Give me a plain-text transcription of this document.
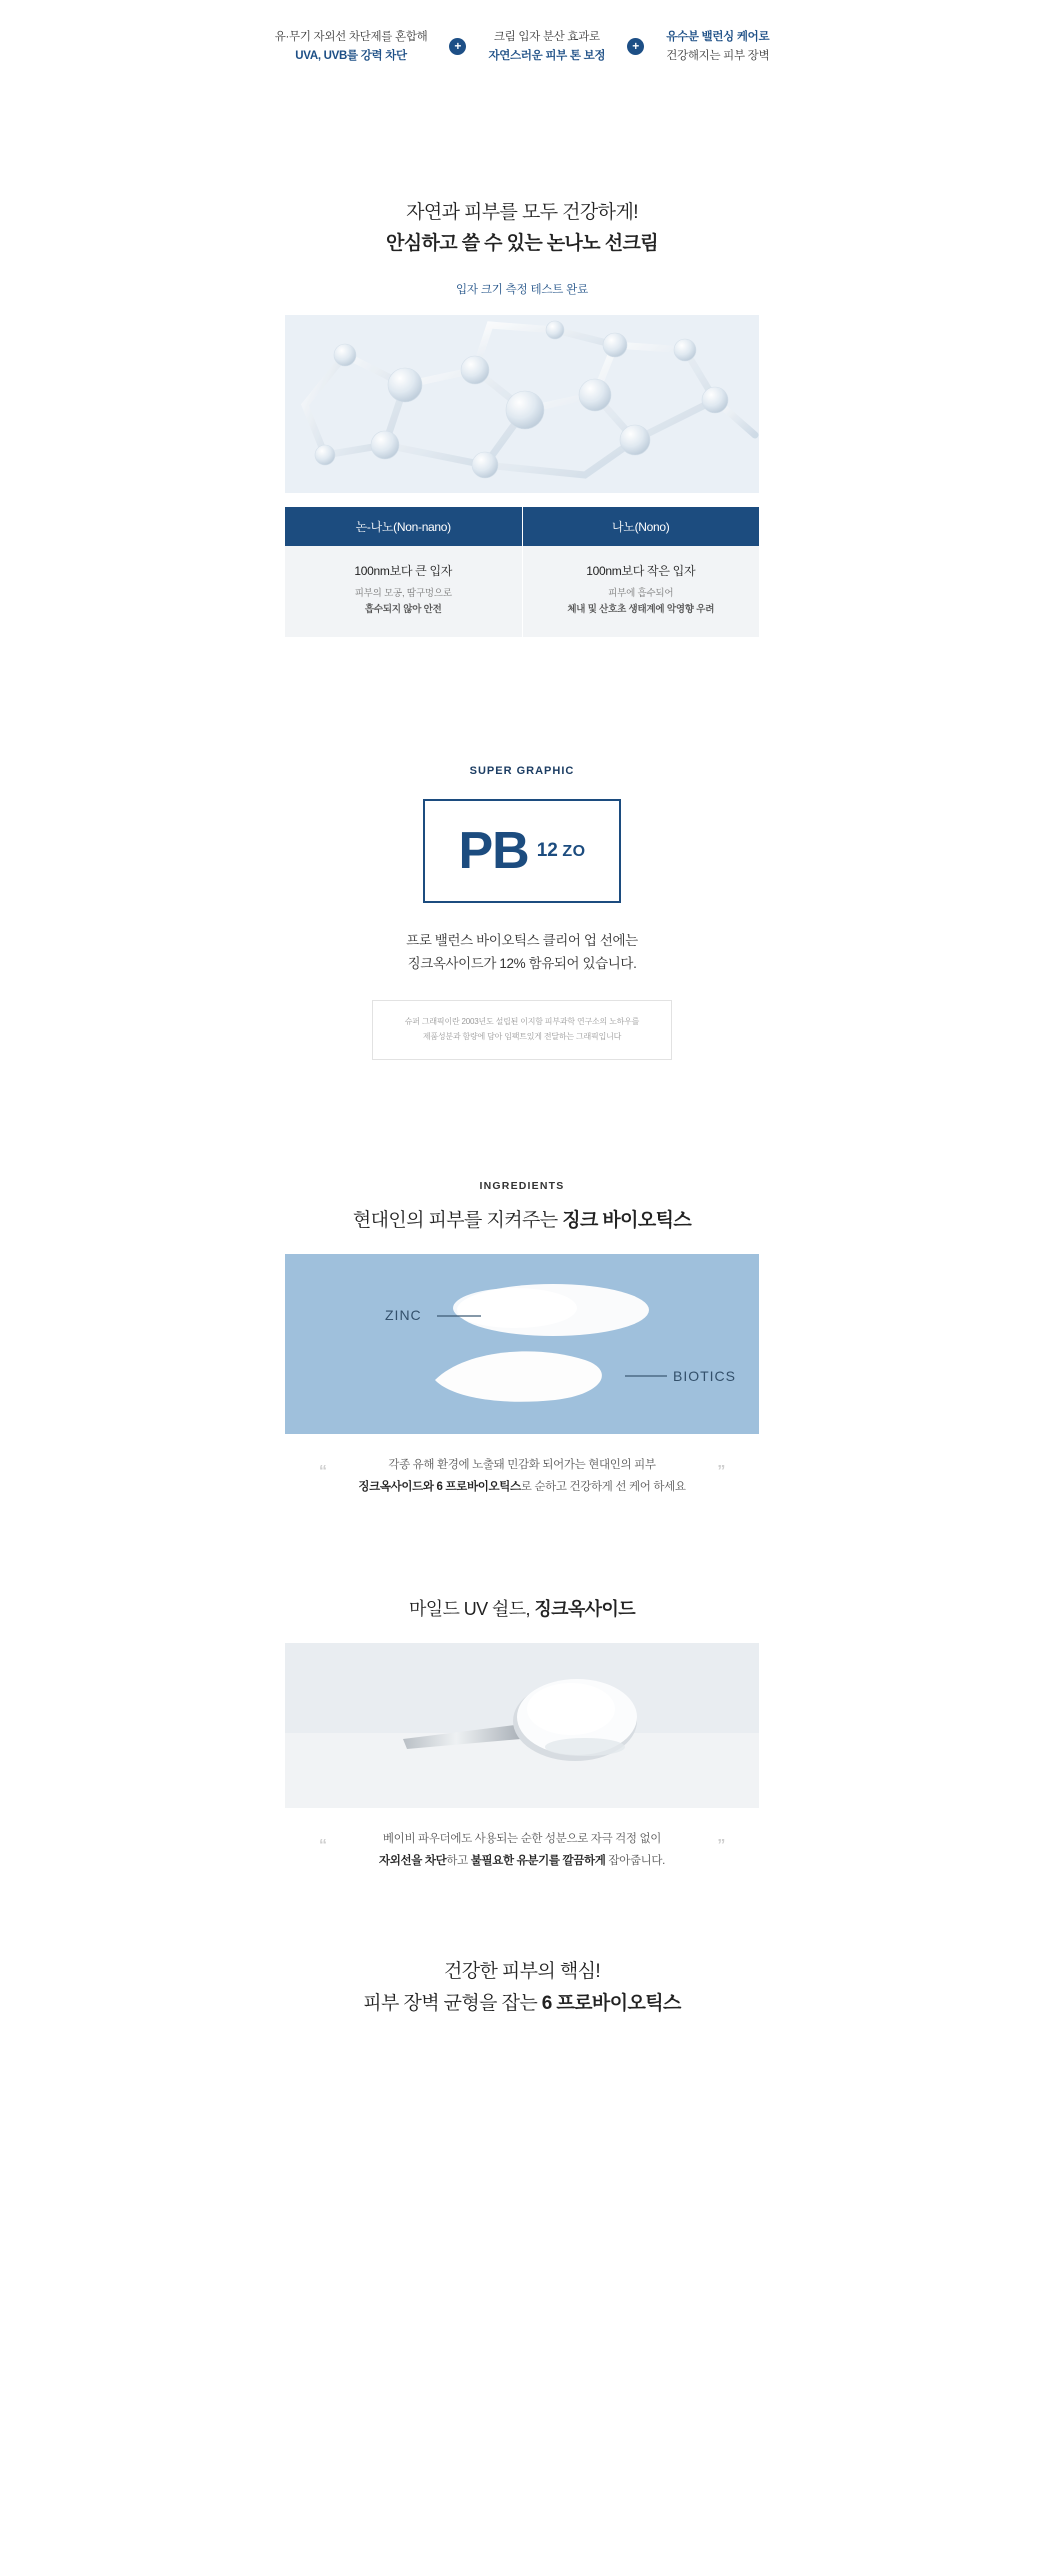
유·무기 자외선 차단제를 혼합해
UVA, UVB를 강력 차단
+
크림 입자 분산 효과로
자연스러운 피부 톤 보정
+
유수분 밸런싱 케어로
건강해지는 피부 장벽
자연과 피부를 모두 건강하게!
안심하고 쓸 수 있는 논나노 선크림
입자 크기 측정 테스트 완료
논-나노(Non-nano)	나노(Nono)

100nm보다 큰 입자
피부의 모공, 땀구멍으로
흡수되지 않아 안전

100nm보다 작은 입자
피부에 흡수되어
체내 및 산호초 생태계에 악영향 우려
SUPER GRAPHIC
PB 12 ZO
프로 밸런스 바이오틱스 클리어 업 선에는
징크옥사이드가 12% 함유되어 있습니다.
슈퍼 그래픽이란 2003년도 설립된 이지함 피부과학 연구소의 노하우를
제품성분과 함량에 담아 임팩트있게 전달하는 그래픽입니다
INGREDIENTS
현대인의 피부를 지켜주는 징크 바이오틱스
ZINC
BIOTICS
“	”
각종 유해 환경에 노출돼 민감화 되어가는 현대인의 피부
징크옥사이드와 6 프로바이오틱스로 순하고 건강하게 선 케어 하세요
마일드 UV 쉴드, 징크옥사이드
“	”
베이비 파우더에도 사용되는 순한 성분으로 자극 걱정 없이
자외선을 차단하고 불필요한 유분기를 깔끔하게 잡아줍니다.
건강한 피부의 핵심!
피부 장벽 균형을 잡는 6 프로바이오틱스
